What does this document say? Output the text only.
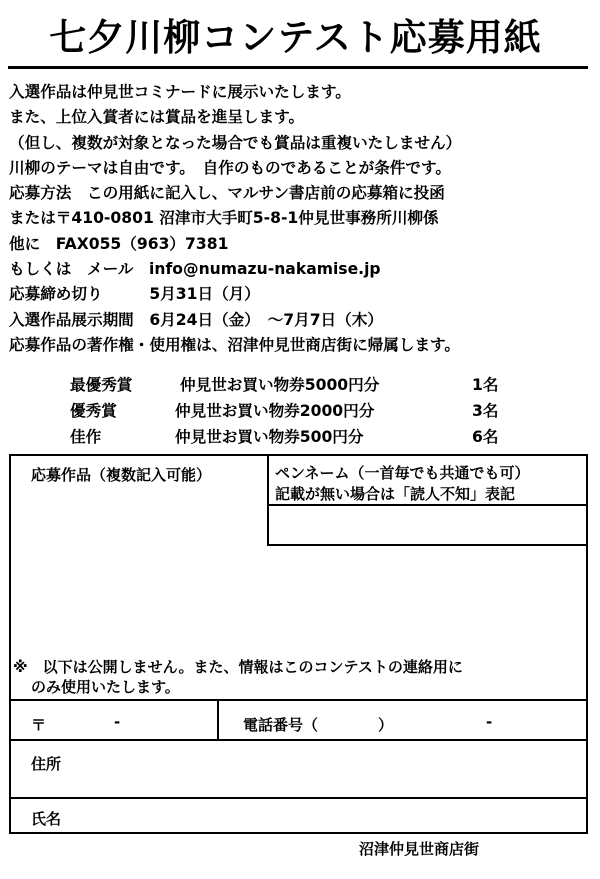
七夕川柳コンテスト応募用紙
入選作品は仲見世コミナードに展示いたします。
また、上位入賞者には賞品を進呈します。
（但し、複数が対象となった場合でも賞品は重複いたしません）
川柳のテーマは自由です。　自作のものであることが条件です。
応募方法　この用紙に記入し、マルサン書店前の応募箱に投函
または〒410-0801 沼津市大手町5-8-1仲見世事務所川柳係
他に　FAX055（963）7381
もしくは　メール　info@numazu-nakamise.jp
応募締め切り　　　5月31日（月）
入選作品展示期間　6月24日（金）　～7月7日（木）
応募作品の著作権・使用権は、沼津仲見世商店街に帰属します。
最優秀賞	仲見世お買い物券5000円分	1名
優秀賞	仲見世お買い物券2000円分	3名
佳作	仲見世お買い物券500円分	6名
応募作品（複数記入可能）	ペンネーム（一首毎でも共通でも可）
記載が無い場合は「読人不知」表記
※　以下は公開しません。また、情報はこのコンテストの連絡用に
のみ使用いたします。
〒	-	電話番号（　　　　）	-
住所
氏名
沼津仲見世商店街
